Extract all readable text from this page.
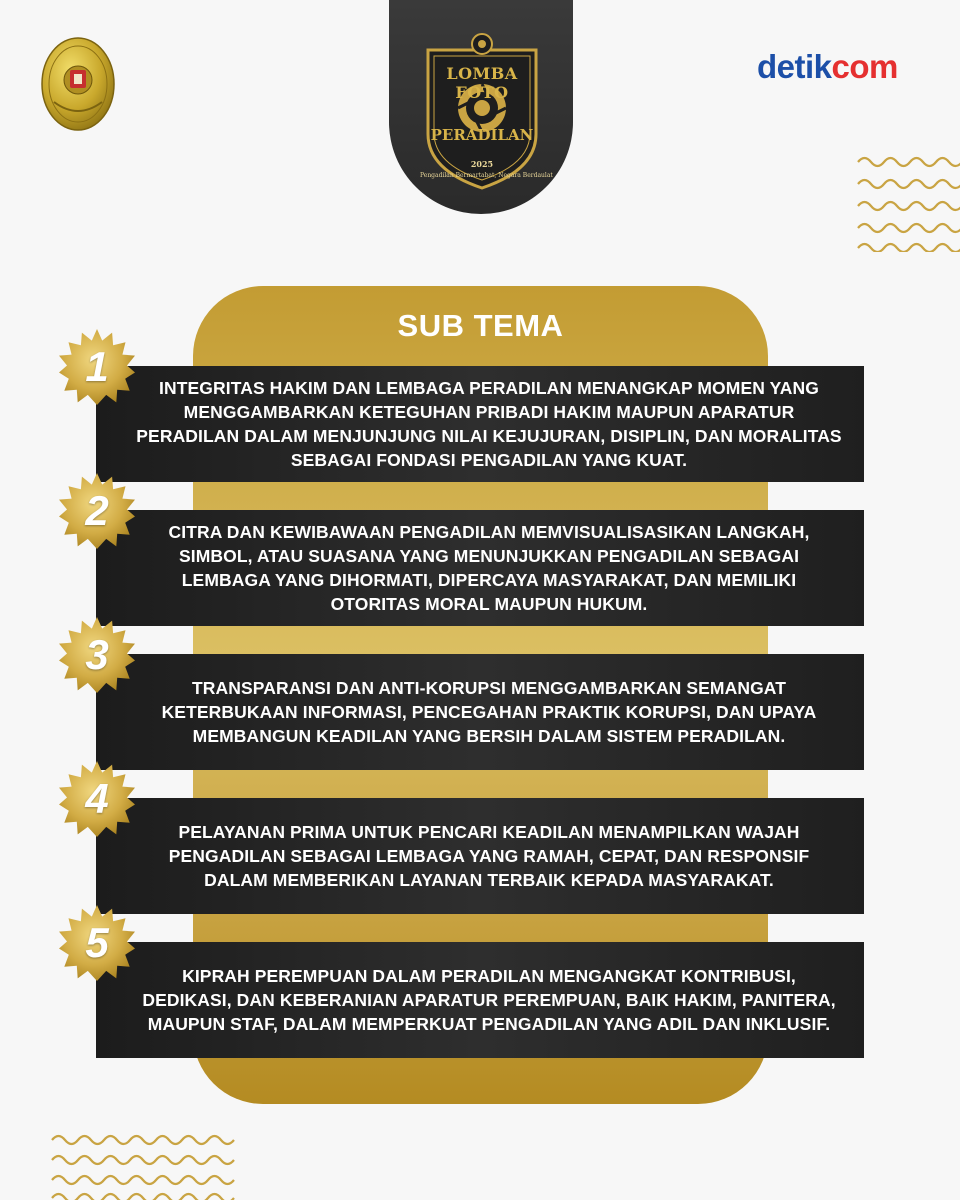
LOMBA FOTO
PERADILAN
2025
Pengadilan Bermartabat, Negara Berdaulat
detikcom
SUB TEMA
INTEGRITAS HAKIM DAN LEMBAGA PERADILAN MENANGKAP MOMEN YANG MENGGAMBARKAN KETEGUHAN PRIBADI HAKIM MAUPUN APARATUR PERADILAN DALAM MENJUNJUNG NILAI KEJUJURAN, DISIPLIN, DAN MORALITAS SEBAGAI FONDASI PENGADILAN YANG KUAT.
CITRA DAN KEWIBAWAAN PENGADILAN MEMVISUALISASIKAN LANGKAH, SIMBOL, ATAU SUASANA YANG MENUNJUKKAN PENGADILAN SEBAGAI LEMBAGA YANG DIHORMATI, DIPERCAYA MASYARAKAT, DAN MEMILIKI OTORITAS MORAL MAUPUN HUKUM.
TRANSPARANSI DAN ANTI-KORUPSI MENGGAMBARKAN SEMANGAT KETERBUKAAN INFORMASI, PENCEGAHAN PRAKTIK KORUPSI, DAN UPAYA MEMBANGUN KEADILAN YANG BERSIH DALAM SISTEM PERADILAN.
PELAYANAN PRIMA UNTUK PENCARI KEADILAN MENAMPILKAN WAJAH PENGADILAN SEBAGAI LEMBAGA YANG RAMAH, CEPAT, DAN RESPONSIF DALAM MEMBERIKAN LAYANAN TERBAIK KEPADA MASYARAKAT.
KIPRAH PEREMPUAN DALAM PERADILAN MENGANGKAT KONTRIBUSI, DEDIKASI, DAN KEBERANIAN APARATUR PEREMPUAN, BAIK HAKIM, PANITERA, MAUPUN STAF, DALAM MEMPERKUAT PENGADILAN YANG ADIL DAN INKLUSIF.
1
2
3
4
5
